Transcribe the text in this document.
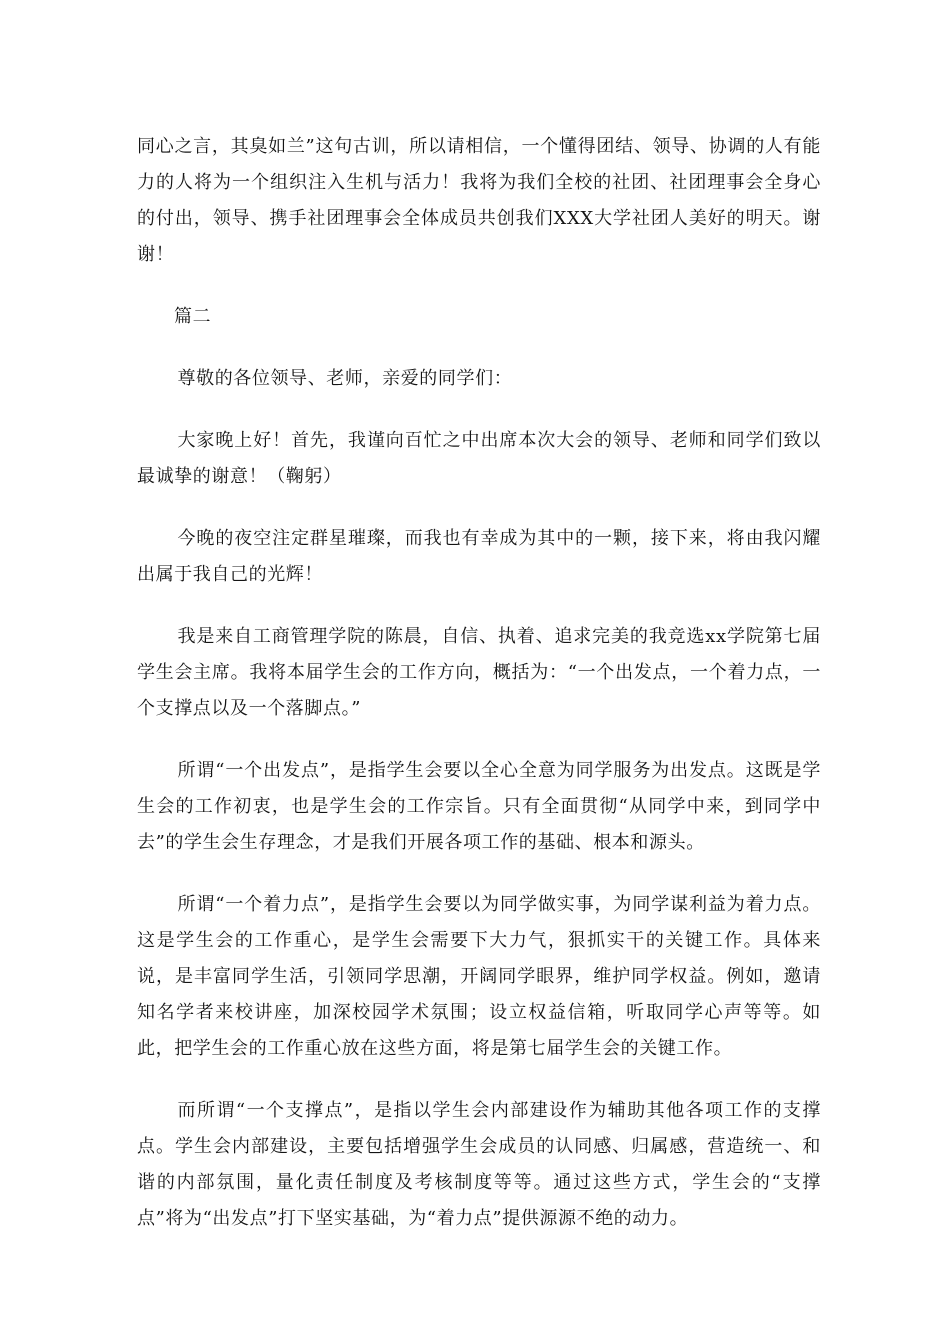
同心之言，其臭如兰”这句古训，所以请相信，一个懂得团结、领导、协调的人有能力的人将为一个组织注入生机与活力！我将为我们全校的社团、社团理事会全身心的付出，领导、携手社团理事会全体成员共创我们XXX大学社团人美好的明天。谢谢！

篇二

尊敬的各位领导、老师，亲爱的同学们：

大家晚上好！首先，我谨向百忙之中出席本次大会的领导、老师和同学们致以最诚挚的谢意！（鞠躬）

今晚的夜空注定群星璀璨，而我也有幸成为其中的一颗，接下来，将由我闪耀出属于我自己的光辉！

我是来自工商管理学院的陈晨，自信、执着、追求完美的我竞选xx学院第七届学生会主席。我将本届学生会的工作方向，概括为：“一个出发点，一个着力点，一个支撑点以及一个落脚点。”

所谓“一个出发点”，是指学生会要以全心全意为同学服务为出发点。这既是学生会的工作初衷，也是学生会的工作宗旨。只有全面贯彻“从同学中来，到同学中去”的学生会生存理念，才是我们开展各项工作的基础、根本和源头。

所谓“一个着力点”，是指学生会要以为同学做实事，为同学谋利益为着力点。这是学生会的工作重心，是学生会需要下大力气，狠抓实干的关键工作。具体来说，是丰富同学生活，引领同学思潮，开阔同学眼界，维护同学权益。例如，邀请知名学者来校讲座，加深校园学术氛围；设立权益信箱，听取同学心声等等。如此，把学生会的工作重心放在这些方面，将是第七届学生会的关键工作。

而所谓“一个支撑点”，是指以学生会内部建设作为辅助其他各项工作的支撑点。学生会内部建设，主要包括增强学生会成员的认同感、归属感，营造统一、和谐的内部氛围，量化责任制度及考核制度等等。通过这些方式，学生会的“支撑点”将为“出发点”打下坚实基础，为“着力点”提供源源不绝的动力。
